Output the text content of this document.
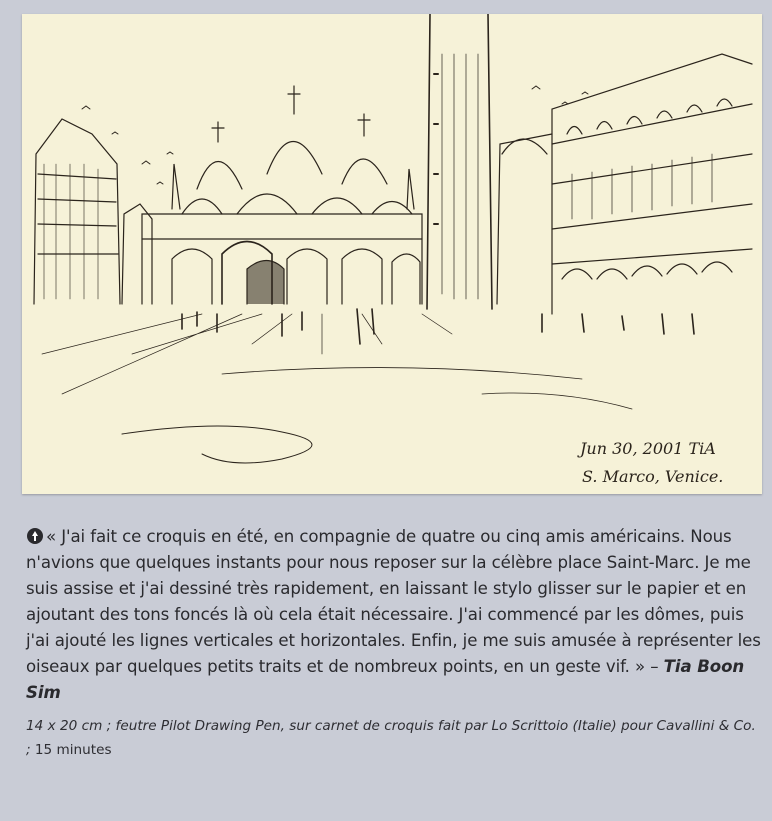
Jun 30, 2001 TiA
S. Marco, Venice.
« J'ai fait ce croquis en été, en compagnie de quatre ou cinq amis américains. Nous n'avions que quelques instants pour nous reposer sur la célèbre place Saint-Marc. Je me suis assise et j'ai dessiné très rapidement, en laissant le stylo glisser sur le papier et en ajoutant des tons foncés là où cela était nécessaire. J'ai commencé par les dômes, puis j'ai ajouté les lignes verticales et horizontales. Enfin, je me suis amusée à représenter les oiseaux par quelques petits traits et de nombreux points, en un geste vif. » – Tia Boon Sim
14 x 20 cm ; feutre Pilot Drawing Pen, sur carnet de croquis fait par Lo Scrittoio (Italie) pour Cavallini & Co. ; 15 minutes
